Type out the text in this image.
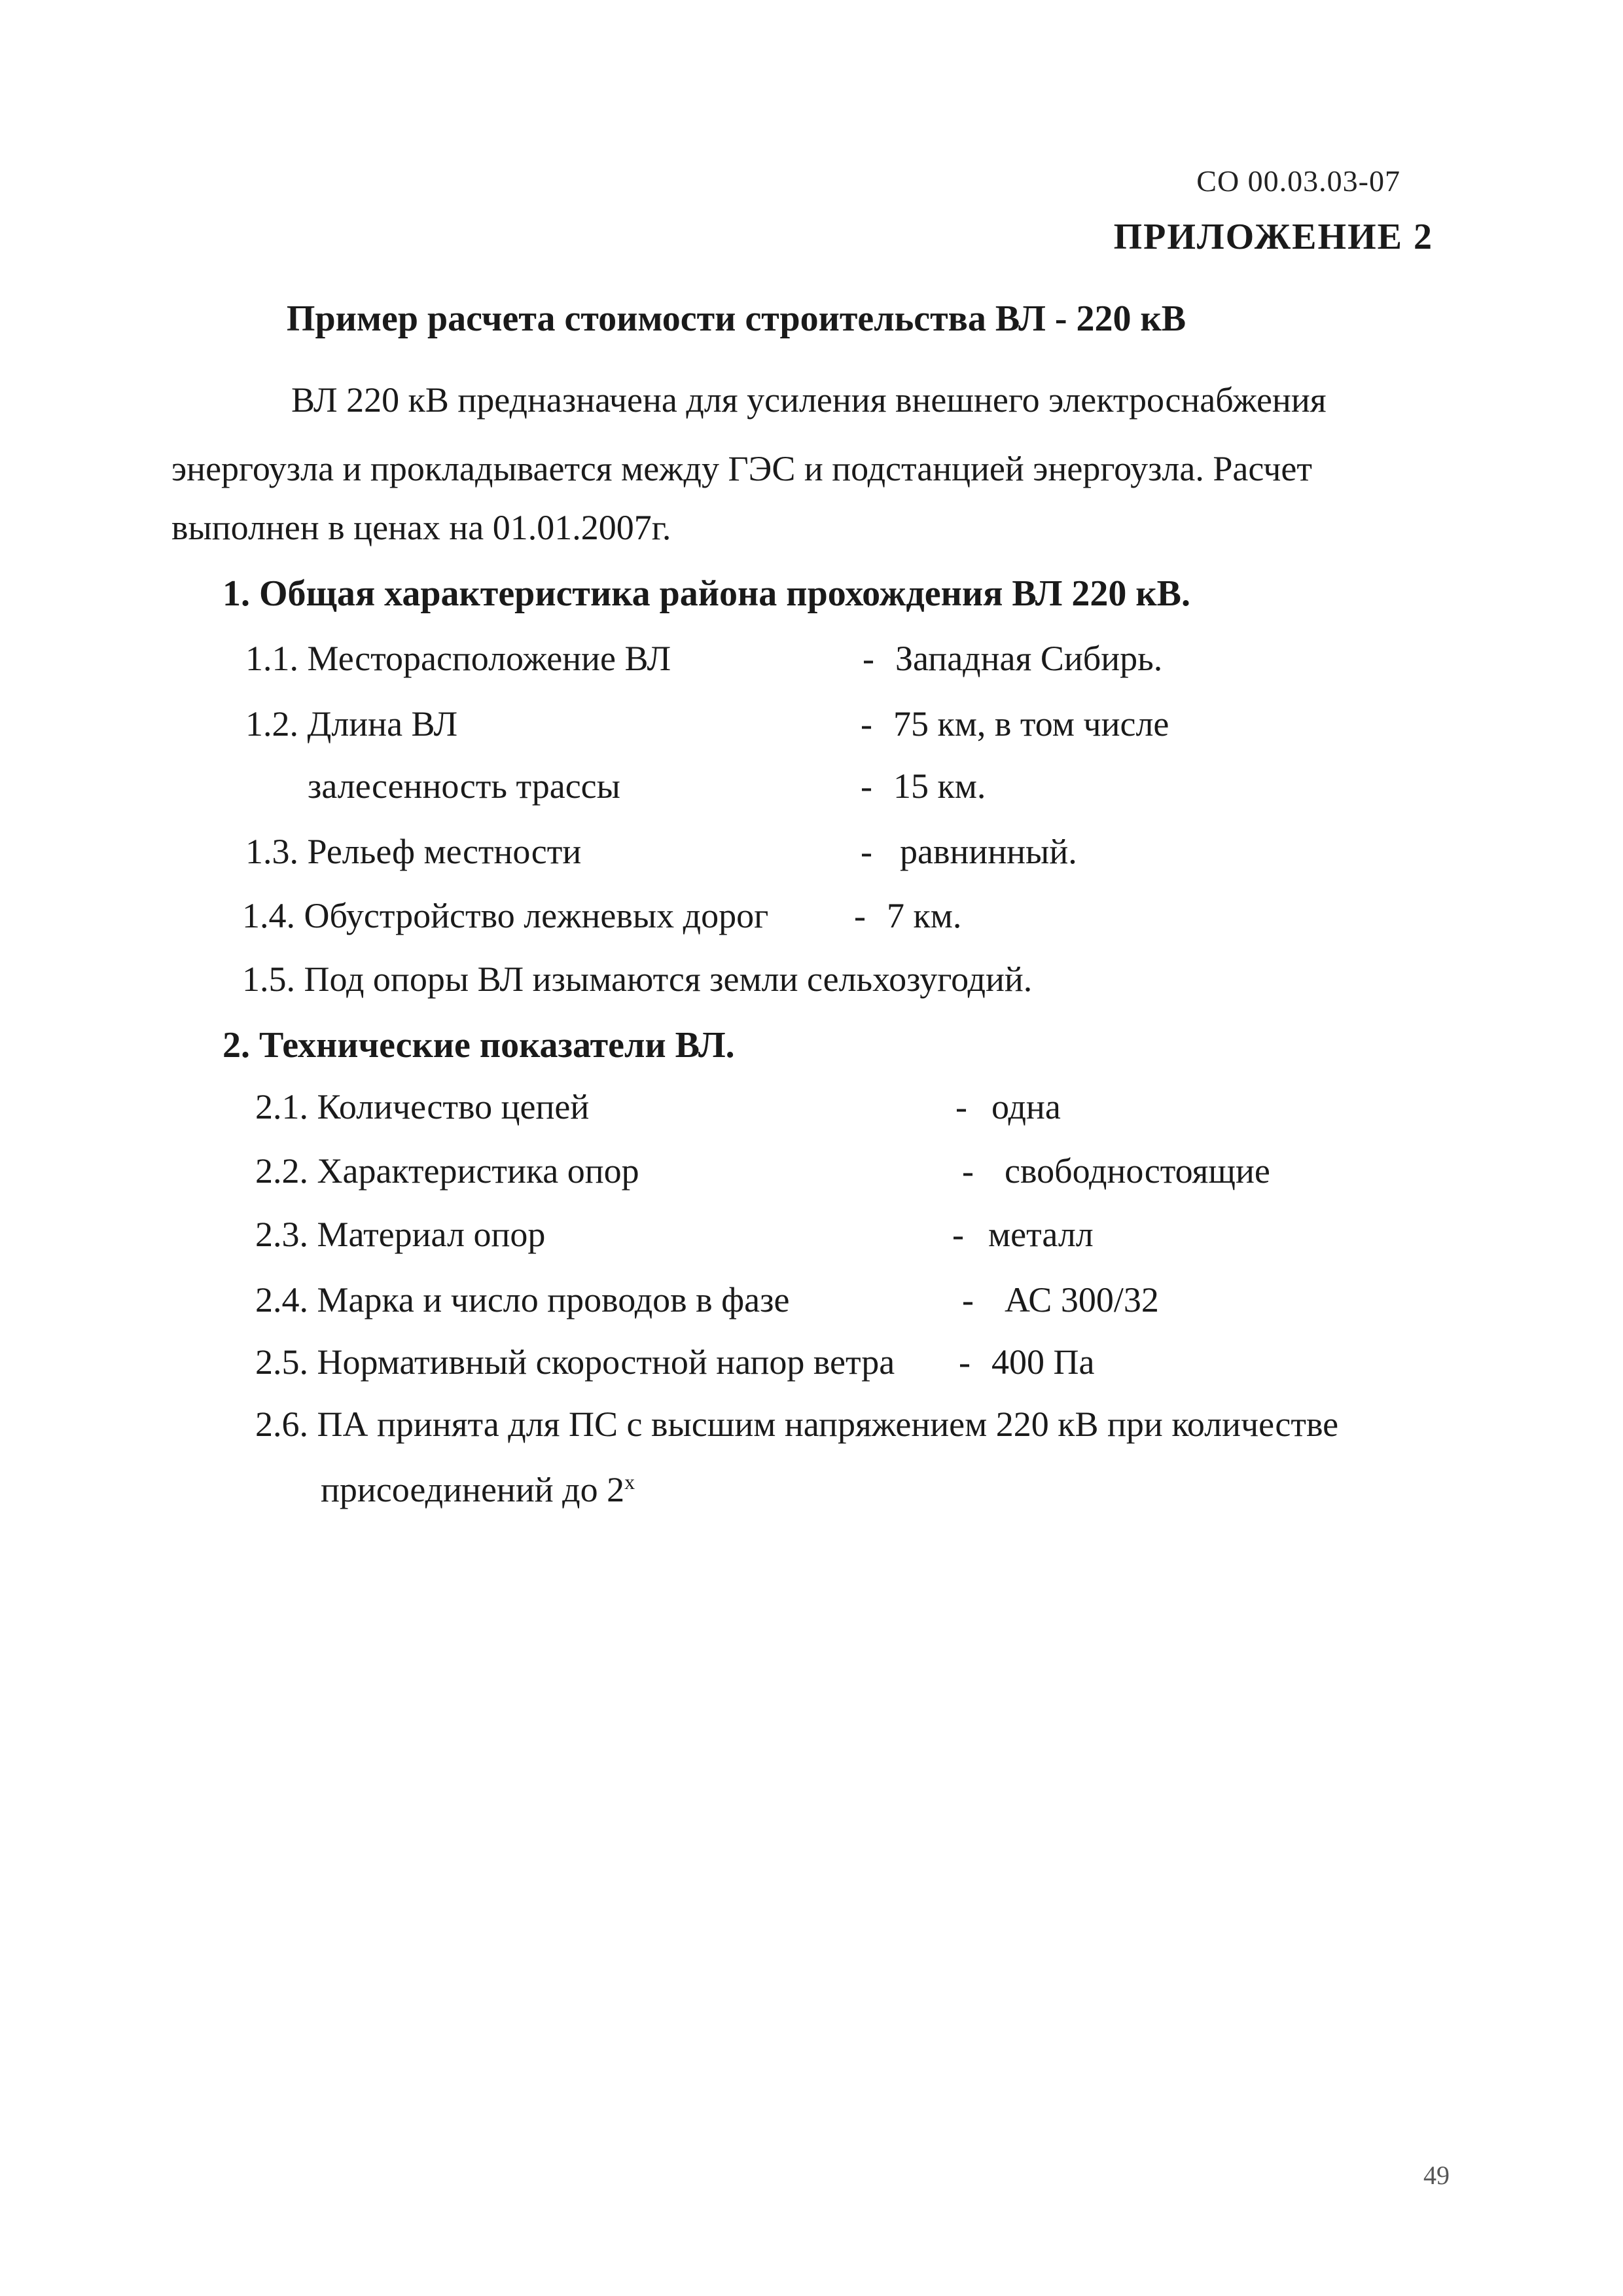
СО 00.03.03-07
ПРИЛОЖЕНИЕ 2
Пример расчета стоимости строительства ВЛ - 220 кВ
ВЛ 220 кВ предназначена для усиления внешнего электроснабжения
энергоузла и прокладывается между ГЭС и подстанцией энергоузла. Расчет
выполнен в ценах на 01.01.2007г.
1. Общая характеристика района прохождения ВЛ 220 кВ.
1.1. Месторасположение ВЛ	- Западная Сибирь.
1.2. Длина ВЛ	- 75 км, в том числе
залесенность трассы	- 15 км.
1.3. Рельеф местности	- равнинный.
1.4. Обустройство лежневых дорог - 7 км.
1.5. Под опоры ВЛ изымаются земли сельхозугодий.
2. Технические показатели ВЛ.
2.1. Количество цепей	- одна
2.2. Характеристика опор	- свободностоящие
2.3. Материал опор	- металл
2.4. Марка и число проводов в фазе	- АС 300/32
2.5. Нормативный скоростной напор ветра - 400 Па
2.6. ПА принята для ПС с высшим напряжением 220 кВ при количестве
присоединений до $2^х$
49
